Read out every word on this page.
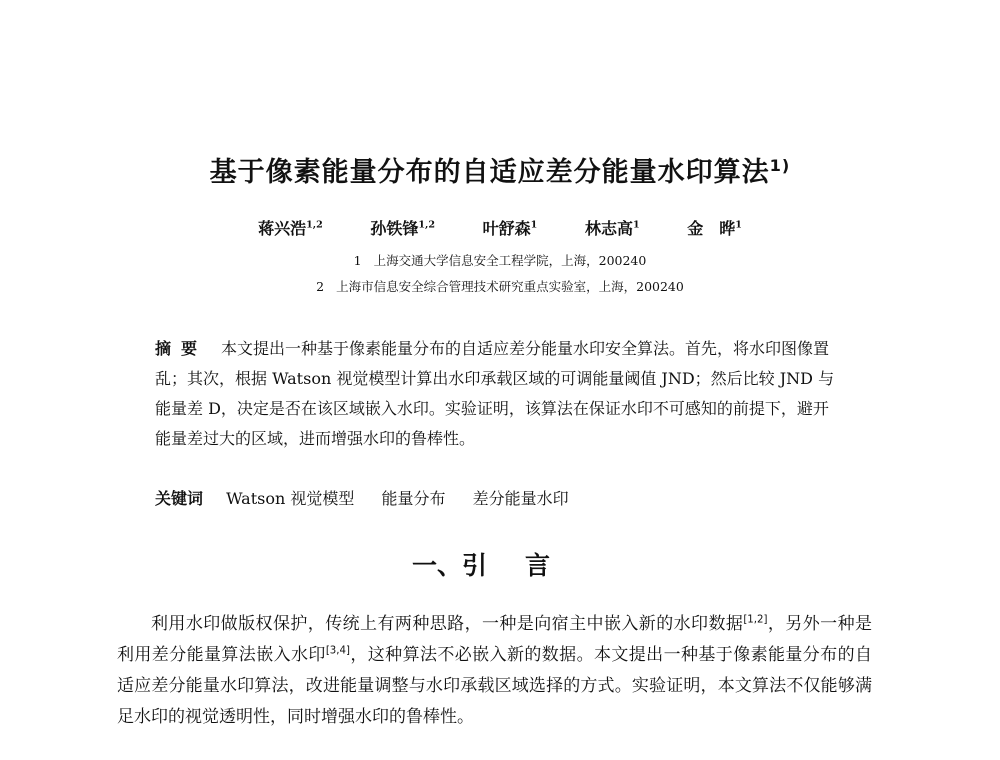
基于像素能量分布的自适应差分能量水印算法$^{1)}$
蒋兴浩$^{1,2}$	孙铁锋$^{1,2}$	叶舒森$^1$	林志高$^1$	金　晔$^1$
1 上海交通大学信息安全工程学院，上海，200240
2 上海市信息安全综合管理技术研究重点实验室，上海，200240
摘要 本文提出一种基于像素能量分布的自适应差分能量水印安全算法。首先，将水印图像置乱；其次，根据 Watson 视觉模型计算出水印承载区域的可调能量阈值 JND；然后比较 JND 与能量差 D，决定是否在该区域嵌入水印。实验证明，该算法在保证水印不可感知的前提下，避开能量差过大的区域，进而增强水印的鲁棒性。
关键词 Watson 视觉模型 能量分布 差分能量水印
一、引言
利用水印做版权保护，传统上有两种思路，一种是向宿主中嵌入新的水印数据[1,2]，另外一种是利用差分能量算法嵌入水印[3,4]，这种算法不必嵌入新的数据。本文提出一种基于像素能量分布的自适应差分能量水印算法，改进能量调整与水印承载区域选择的方式。实验证明，本文算法不仅能够满足水印的视觉透明性，同时增强水印的鲁棒性。
